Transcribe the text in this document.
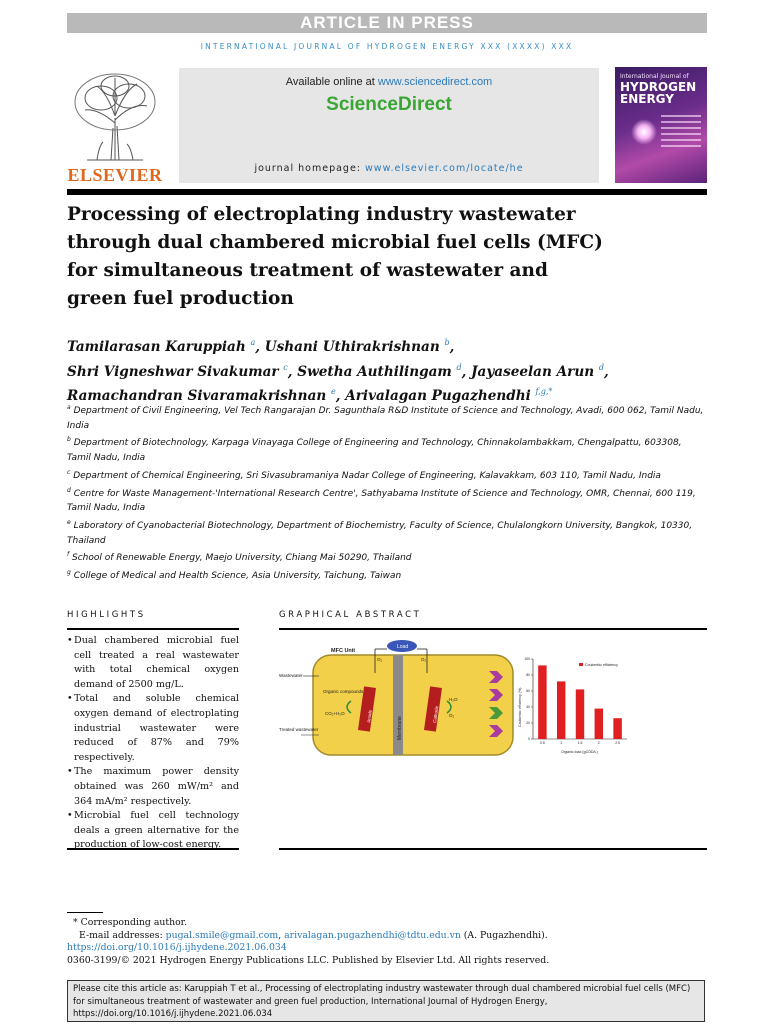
ARTICLE IN PRESS
INTERNATIONAL JOURNAL OF HYDROGEN ENERGY XXX (XXXX) XXX
ELSEVIER
Available online at www.sciencedirect.com
ScienceDirect
journal homepage: www.elsevier.com/locate/he
International Journal of
HYDROGEN
ENERGY
Processing of electroplating industry wastewater through dual chambered microbial fuel cells (MFC) for simultaneous treatment of wastewater and green fuel production
Tamilarasan Karuppiah $^a$, Ushani Uthirakrishnan $^b$,
Shri Vigneshwar Sivakumar $^c$, Swetha Authilingam $^d$, Jayaseelan Arun $^d$,
Ramachandran Sivaramakrishnan $^e$, Arivalagan Pugazhendhi $^{f,g,*}$
$^a$ Department of Civil Engineering, Vel Tech Rangarajan Dr. Sagunthala R&D Institute of Science and Technology, Avadi, 600 062, Tamil Nadu, India
$^b$ Department of Biotechnology, Karpaga Vinayaga College of Engineering and Technology, Chinnakolambakkam, Chengalpattu, 603308, Tamil Nadu, India
$^c$ Department of Chemical Engineering, Sri Sivasubramaniya Nadar College of Engineering, Kalavakkam, 603 110, Tamil Nadu, India
$^d$ Centre for Waste Management-'International Research Centre', Sathyabama Institute of Science and Technology, OMR, Chennai, 600 119, Tamil Nadu, India
$^e$ Laboratory of Cyanobacterial Biotechnology, Department of Biochemistry, Faculty of Science, Chulalongkorn University, Bangkok, 10330, Thailand
$^f$ School of Renewable Energy, Maejo University, Chiang Mai 50290, Thailand
$^g$ College of Medical and Health Science, Asia University, Taichung, Taiwan
HIGHLIGHTS	GRAPHICAL ABSTRACT
• Dual chambered microbial fuel cell treated a real wastewater with total chemical oxygen demand of 2500 mg/L.
• Total and soluble chemical oxygen demand of electroplating industrial wastewater were reduced of 87% and 79% respectively.
• The maximum power density obtained was 260 mW/m² and 364 mA/m² respectively.
• Microbial fuel cell technology deals a green alternative for the production of low-cost energy.
Membrane
MFC Unit
Load
O₂	O₂
Anode	Cathode
Wastewater
Organic compounds
CO₂+H₂O
H₂O
O₂
Treated wastewater
Coulombic efficiency
Coulombic efficiency (%)
Organic load (gCOD/L)
0
20
40
60
80
100
0.5	1	1.5	2	2.5
* Corresponding author.
E-mail addresses: pugal.smile@gmail.com, arivalagan.pugazhendhi@tdtu.edu.vn (A. Pugazhendhi).
https://doi.org/10.1016/j.ijhydene.2021.06.034
0360-3199/© 2021 Hydrogen Energy Publications LLC. Published by Elsevier Ltd. All rights reserved.
Please cite this article as: Karuppiah T et al., Processing of electroplating industry wastewater through dual chambered microbial fuel cells (MFC) for simultaneous treatment of wastewater and green fuel production, International Journal of Hydrogen Energy, https://doi.org/10.1016/j.ijhydene.2021.06.034
